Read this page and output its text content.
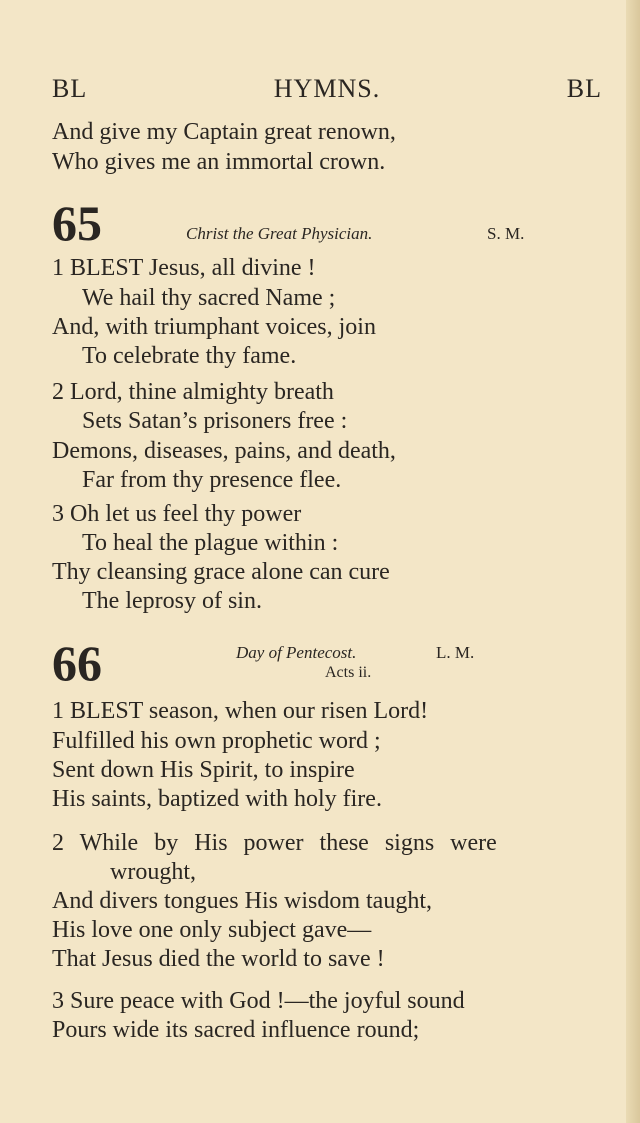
BL	HYMNS.	BL
And give my Captain great renown,
Who gives me an immortal crown.
65	Christ the Great Physician.	S. M.
1 BLEST Jesus, all divine !
We hail thy sacred Name ;
And, with triumphant voices, join
To celebrate thy fame.
2 Lord, thine almighty breath
Sets Satan’s prisoners free :
Demons, diseases, pains, and death,
Far from thy presence flee.
3 Oh let us feel thy power
To heal the plague within :
Thy cleansing grace alone can cure
The leprosy of sin.
66	Day of Pentecost.	L. M.
Acts ii.
1 BLEST season, when our risen Lord!
Fulfilled his own prophetic word ;
Sent down His Spirit, to inspire
His saints, baptized with holy fire.
2 While by His power these signs were
wrought,
And divers tongues His wisdom taught,
His love one only subject gave—
That Jesus died the world to save !
3 Sure peace with God !—the joyful sound
Pours wide its sacred influence round;
